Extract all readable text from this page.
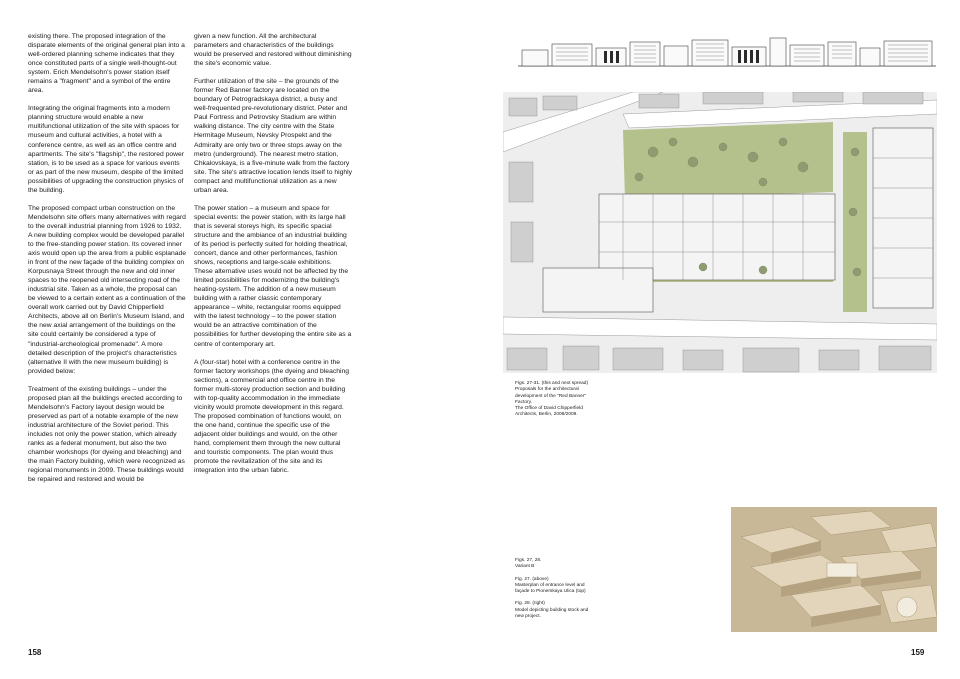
existing there. The proposed integration of the disparate elements of the original general plan into a well-ordered planning scheme indicates that they once constituted parts of a single well-thought-out system. Erich Mendelsohn's power station itself remains a "fragment" and a symbol of the entire area.

Integrating the original fragments into a modern planning structure would enable a new multifunctional utilization of the site with spaces for museum and cultural activities, a hotel with a conference centre, as well as an office centre and apartments. The site's "flagship", the restored power station, is to be used as a space for various events or as part of the new museum, despite of the limited possibilities of upgrading the construction physics of the building.

The proposed compact urban construction on the Mendelsohn site offers many alternatives with regard to the overall industrial planning from 1926 to 1932. A new building complex would be developed parallel to the free-standing power station. Its covered inner axis would open up the area from a public esplanade in front of the new façade of the building complex on Korpusnaya Street through the new and old inner spaces to the reopened old intersecting road of the industrial site. Taken as a whole, the proposal can be viewed to a certain extent as a continuation of the overall work carried out by David Chipperfield Architects, above all on Berlin's Museum Island, and the new axial arrangement of the buildings on the site could certainly be considered a type of "industrial-archeological promenade". A more detailed description of the project's characteristics (alternative II with the new museum building) is provided below:

Treatment of the existing buildings – under the proposed plan all the buildings erected according to Mendelsohn's Factory layout design would be preserved as part of a notable example of the new industrial architecture of the Soviet period. This includes not only the power station, which already ranks as a federal monument, but also the two chamber workshops (for dyeing and bleaching) and the main Factory building, which were recognized as regional monuments in 2009. These buildings would be repaired and restored and would be

given a new function. All the architectural parameters and characteristics of the buildings would be preserved and restored without diminishing the site's economic value.

Further utilization of the site – the grounds of the former Red Banner factory are located on the boundary of Petrogradskaya district, a busy and well-frequented pre-revolutionary district. Peter and Paul Fortress and Petrovsky Stadium are within walking distance. The city centre with the State Hermitage Museum, Nevsky Prospekt and the Admiralty are only two or three stops away on the metro (underground). The nearest metro station, Chkalovskaya, is a five-minute walk from the factory site. The site's attractive location lends itself to highly compact and multifunctional utilization as a new urban area.

The power station – a museum and space for special events: the power station, with its large hall that is several storeys high, its specific spacial structure and the ambiance of an industrial building of its period is perfectly suited for holding theatrical, concert, dance and other performances, fashion shows, receptions and large-scale exhibitions. These alternative uses would not be affected by the limited possibilities for modernizing the building's heating-system. The addition of a new museum building with a rather classic contemporary appearance – white, rectangular rooms equipped with the latest technology – to the power station would be an attractive combination of the possibilities for further developing the entire site as a centre of contemporary art.

A (four-star) hotel with a conference centre in the former factory workshops (the dyeing and bleaching sections), a commercial and office centre in the former multi-storey production section and building with top-quality accommodation in the immediate vicinity would promote development in this regard. The proposed combination of functions would, on the one hand, continue the specific use of the adjacent older buildings and would, on the other hand, complement them through the new cultural and touristic components. The plan would thus promote the revitalization of the site and its integration into the urban fabric.

158	159
Figs. 27-31. (this and next spread)
Proposals for the architectural
development of the "Red Banner"
Factory.
The Office of David Chipperfield
Architects, Berlin, 2008/2009.
Figs. 27, 28.
Variant B
Fig. 27. (above)
Masterplan of entrance level and
façade to Pionerskaya Ulica (top)
Fig. 28. (right)
Model depicting building stock and
new project.
